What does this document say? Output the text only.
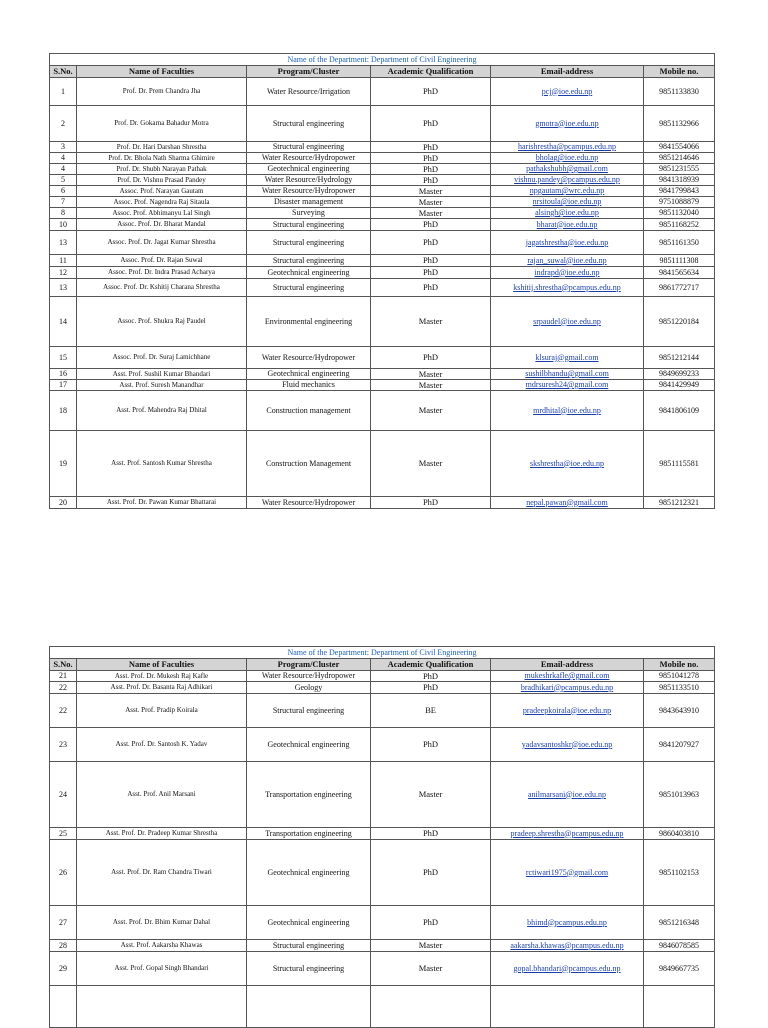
Name of the Department: Department of Civil Engineering					
S.No.	Name of Faculties	Program/Cluster	Academic Qualification	Email-address	Mobile no.
1	Prof. Dr. Prem Chandra Jha	Water Resource/Irrigation	PhD	pcj@ioe.edu.np	9851133830
2	Prof. Dr. Gokarna Bahadur Motra	Structural engineering	PhD	gmotra@ioe.edu.np	9851132966
3	Prof. Dr. Hari Darshan Shrestha	Structural engineering	PhD	harishrestha@pcampus.edu.np	9841554066
4	Prof. Dr. Bhola Nath Sharma Ghimire	Water Resource/Hydropower	PhD	bholag@ioe.edu.np	9851214646
4	Prof. Dr. Shubh Narayan Pathak	Geotechnical engineering	PhD	pathakshubh@gmail.com	9851231555
5	Prof. Dr. Vishnu Prasad Pandey	Water Resource/Hydrology	PhD	vishnu.pandey@pcampus.edu.np	9841318939
6	Assoc. Prof. Narayan Gautam	Water Resource/Hydropower	Master	npgautam@wrc.edu.np	9841799843
7	Assoc. Prof. Nagendra Raj Sitaula	Disaster management	Master	nrsitoula@ioe.edu.np	9751088879
8	Assoc. Prof. Abhimanyu Lal Singh	Surveying	Master	alsingh@ioe.edu.np	9851132040
10	Assoc. Prof. Dr. Bharat Mandal	Structural engineering	PhD	bharat@ioe.edu.np	9851168252
13	Assoc. Prof. Dr. Jagat Kumar Shrestha	Structural engineering	PhD	jagatshrestha@ioe.edu.np	9851161350
11	Assoc. Prof. Dr. Rajan Suwal	Structural engineering	PhD	rajan_suwal@ioe.edu.np	9851111308
12	Assoc. Prof. Dr. Indra Prasad Acharya	Geotechnical engineering	PhD	indrapd@ioe.edu.np	9841565634
13	Assoc. Prof. Dr. Kshitij Charana Shrestha	Structural engineering	PhD	kshitij.shrestha@pcampus.edu.np	9861772717
14	Assoc. Prof. Shukra Raj Paudel	Environmental engineering	Master	srpaudel@ioe.edu.np	9851220184
15	Assoc. Prof. Dr. Suraj Lamichhane	Water Resource/Hydropower	PhD	klsuraj@gmail.com	9851212144
16	Asst. Prof. Sushil Kumar Bhandari	Geotechnical engineering	Master	sushilbhandu@gmail.com	9849699233
17	Asst. Prof. Suresh Manandhar	Fluid mechanics	Master	mdrsuresh24@gmail.com	9841429949
18	Asst. Prof. Mahendra Raj Dhital	Construction management	Master	mrdhital@ioe.edu.np	9841806109
19	Asst. Prof. Santosh Kumar Shrestha	Construction Management	Master	skshrestha@ioe.edu.np	9851115581
20	Asst. Prof. Dr. Pawan Kumar Bhattarai	Water Resource/Hydropower	PhD	nepal.pawan@gmail.com	9851212321
Name of the Department: Department of Civil Engineering					
S.No.	Name of Faculties	Program/Cluster	Academic Qualification	Email-address	Mobile no.
21	Asst. Prof. Dr. Mukesh Raj Kafle	Water Resource/Hydropower	PhD	mukeshrkafle@gmail.com	9851041278
22	Asst. Prof. Dr. Basanta Raj Adhikari	Geology	PhD	bradhikari@pcampus.edu.np	9851133510
22	Asst. Prof. Pradip Koirala	Structural engineering	BE	pradeepkoirala@ioe.edu.np	9843643910
23	Asst. Prof. Dr. Santosh K. Yadav	Geotechnical engineering	PhD	yadavsantoshkr@ioe.edu.np	9841207927
24	Asst. Prof. Anil Marsani	Transportation engineering	Master	anilmarsani@ioe.edu.np	9851013963
25	Asst. Prof. Dr. Pradeep Kumar Shrestha	Transportation engineering	PhD	pradeep.shrestha@pcampus.edu.np	9860403810
26	Asst. Prof. Dr. Ram Chandra Tiwari	Geotechnical engineering	PhD	rctiwari1975@gmail.com	9851102153
27	Asst. Prof. Dr. Bhim Kumar Dahal	Geotechnical engineering	PhD	bhimd@pcampus.edu.np	9851216348
28	Asst. Prof. Aakarsha Khawas	Structural engineering	Master	aakarsha.khawas@pcampus.edu.np	9846078585
29	Asst. Prof. Gopal Singh Bhandari	Structural engineering	Master	gopal.bhandari@pcampus.edu.np	9849667735
